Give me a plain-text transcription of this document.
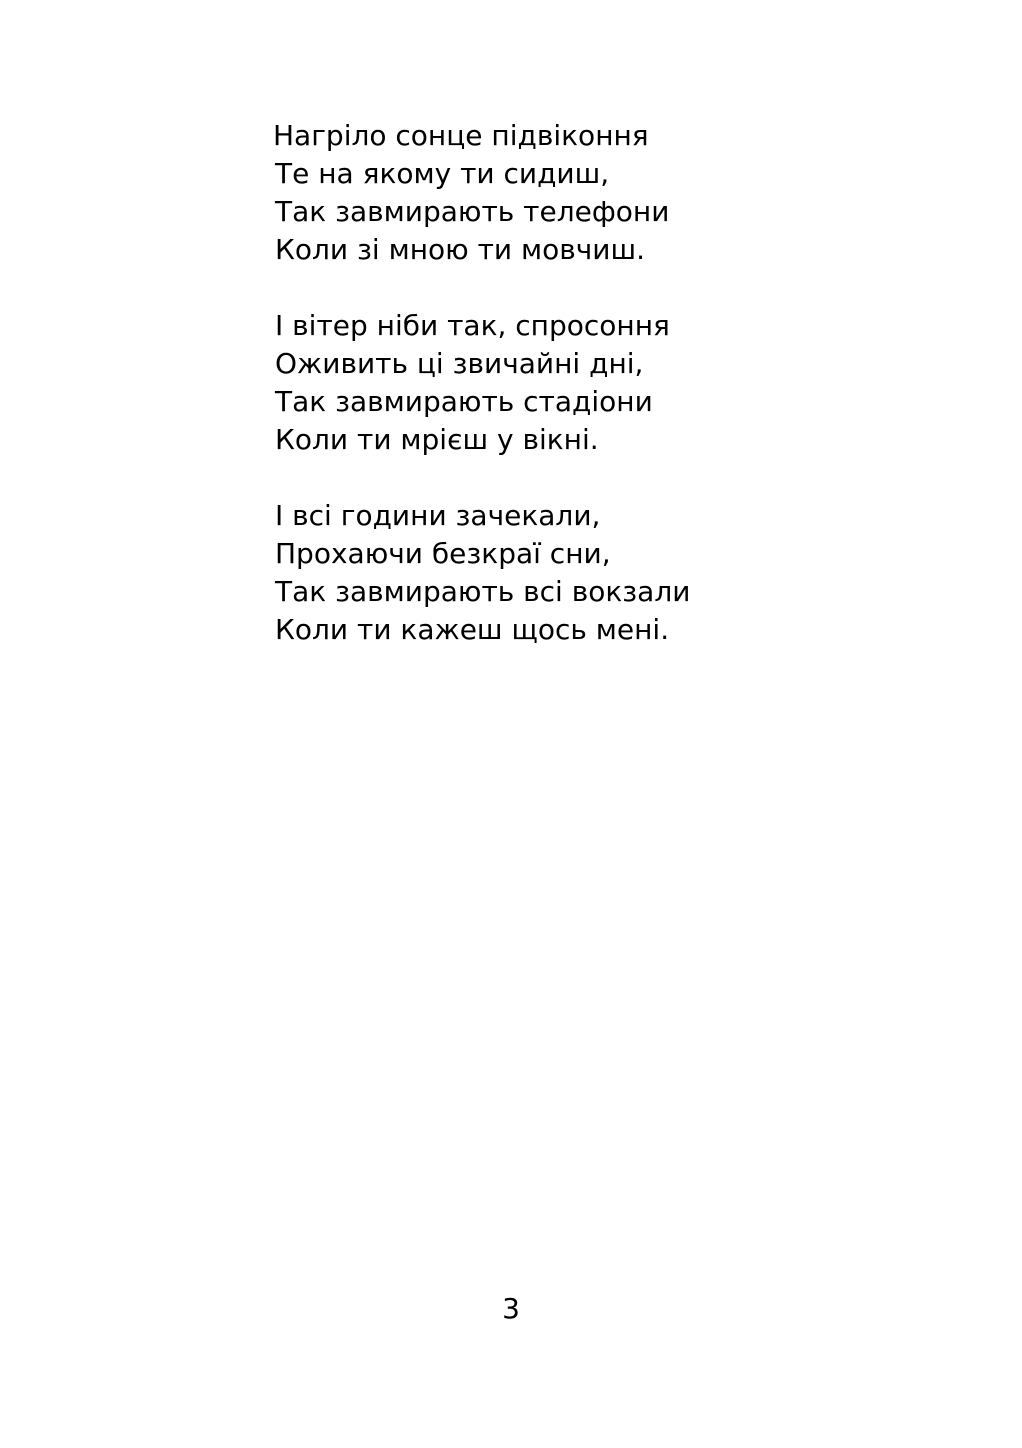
Нагріло сонце підвіконня
Те на якому ти сидиш,
Так завмирають телефони
Коли зі мною ти мовчиш.
І вітер ніби так, спросоння
Оживить ці звичайні дні,
Так завмирають стадіони
Коли ти мрієш у вікні.
І всі години зачекали,
Прохаючи безкраї сни,
Так завмирають всі вокзали
Коли ти кажеш щось мені.
3
